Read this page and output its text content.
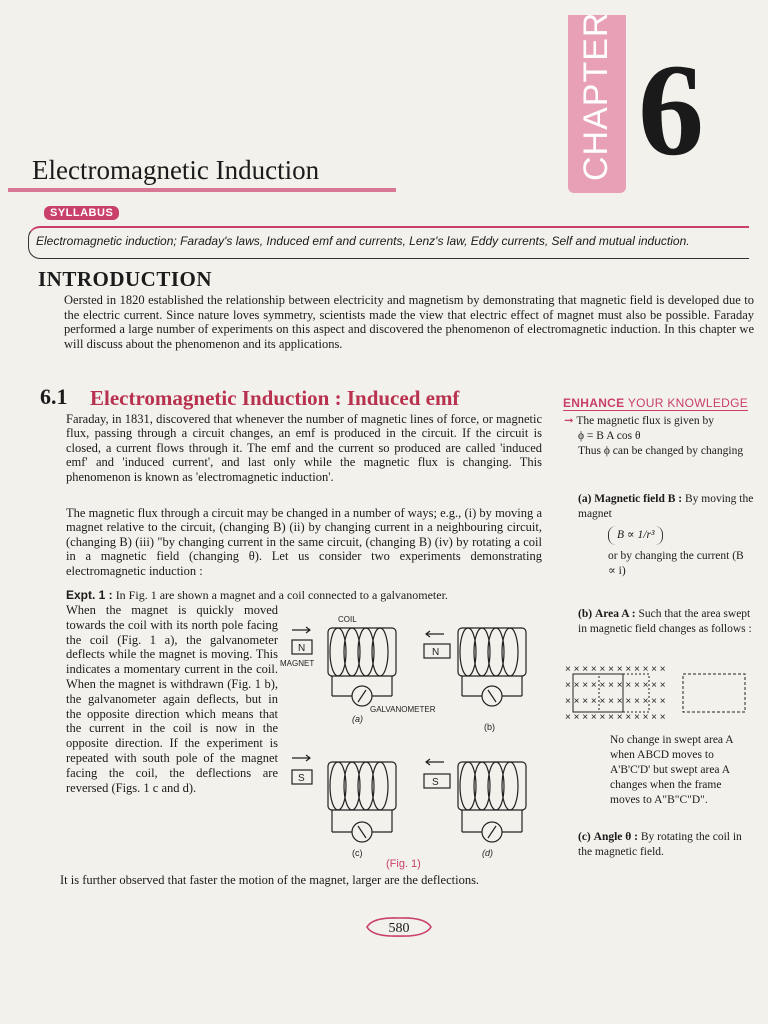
CHAPTER 6
Electromagnetic Induction
SYLLABUS
Electromagnetic induction; Faraday's laws, Induced emf and currents, Lenz's law, Eddy currents, Self and mutual induction.
INTRODUCTION
Oersted in 1820 established the relationship between electricity and magnetism by demonstrating that magnetic field is developed due to the electric current. Since nature loves symmetry, scientists made the view that electric effect of magnet must also be possible. Faraday performed a large number of experiments on this aspect and discovered the phenomenon of electromagnetic induction. In this chapter we will discuss about the phenomenon and its applications.
6.1 Electromagnetic Induction : Induced emf
Faraday, in 1831, discovered that whenever the number of magnetic lines of force, or magnetic flux, passing through a circuit changes, an emf is produced in the circuit. If the circuit is closed, a current flows through it. The emf and the current so produced are called 'induced emf' and 'induced current', and last only while the magnetic flux is changing. This phenomenon is known as 'electromagnetic induction'.
The magnetic flux through a circuit may be changed in a number of ways; e.g., (i) by moving a magnet relative to the circuit, (changing B) (ii) by changing current in a neighbouring circuit, (changing B) (iii) "by changing current in the same circuit, (changing B) (iv) by rotating a coil in a magnetic field (changing θ). Let us consider two experiments demonstrating electromagnetic induction :
Expt. 1 : In Fig. 1 are shown a magnet and a coil connected to a galvanometer.
When the magnet is quickly moved towards the coil with its north pole facing the coil (Fig. 1 a), the galvanometer deflects while the magnet is moving. This indicates a momentary current in the coil. When the magnet is withdrawn (Fig. 1 b), the galvanometer again deflects, but in the opposite direction which means that the current in the coil is now in the opposite direction. If the experiment is repeated with south pole of the magnet facing the coil, the deflections are reversed (Figs. 1 c and d).
COIL
MAGNET
GALVANOMETER
N	N
S	S
(a)
(b)
(c)	(d)
(Fig. 1)
It is further observed that faster the motion of the magnet, larger are the deflections.
580
ENHANCE YOUR KNOWLEDGE
➞ The magnetic flux is given by
ϕ = B A cos θ
Thus ϕ can be changed by changing
(a) Magnetic field B : By moving the magnet
B ∝ 1/r³
or by changing the current (B ∝ i)
(b) Area A : Such that the area swept in magnetic field changes as follows :
× × × × × × × × × × × ×
× × × × × × × × × × × ×
× × × × × × × × × × × ×
× × × × × × × × × × × ×
No change in swept area A when ABCD moves to A'B'C'D' but swept area A changes when the frame moves to A"B"C"D".
(c) Angle θ : By rotating the coil in the magnetic field.
